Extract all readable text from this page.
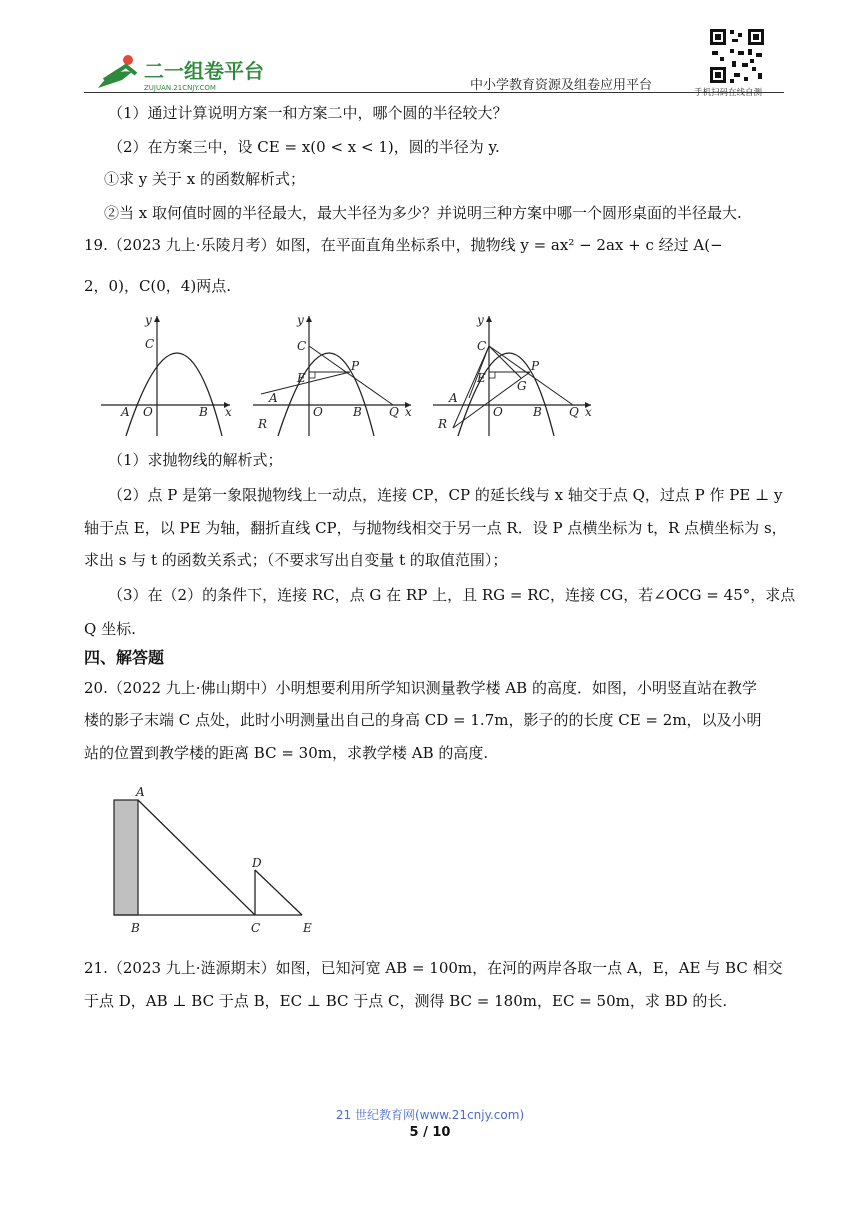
二一组卷平台
ZUJUAN.21CNJY.COM	中小学教育资源及组卷应用平台	手机扫码在线自测
（1）通过计算说明方案一和方案二中，哪个圆的半径较大？
（2）在方案三中，设 CE = x(0 < x < 1)，圆的半径为 y.
①求 y 关于 x 的函数解析式；
②当 x 取何值时圆的半径最大，最大半径为多少？并说明三种方案中哪一个圆形桌面的半径最大.
19.（2023 九上·乐陵月考）如图，在平面直角坐标系中，抛物线 y = ax² − 2ax + c 经过 A(−
2，0)，C(0，4)两点.
y
x
C
A O	B
y
x
C
E
P
Q
A
R
O	B
y
x
C
E
P
G
Q
A
R
O	B
（1）求抛物线的解析式；
（2）点 P 是第一象限抛物线上一动点，连接 CP，CP 的延长线与 x 轴交于点 Q，过点 P 作 PE ⊥ y
轴于点 E，以 PE 为轴，翻折直线 CP，与抛物线相交于另一点 R．设 P 点横坐标为 t，R 点横坐标为 s，
求出 s 与 t 的函数关系式；（不要求写出自变量 t 的取值范围）；
（3）在（2）的条件下，连接 RC，点 G 在 RP 上，且 RG = RC，连接 CG，若∠OCG = 45°，求点
Q 坐标.
四、解答题
20.（2022 九上·佛山期中）小明想要利用所学知识测量教学楼 AB 的高度．如图，小明竖直站在教学
楼的影子末端 C 点处，此时小明测量出自己的身高 CD = 1.7m，影子的的长度 CE = 2m，以及小明
站的位置到教学楼的距离 BC = 30m，求教学楼 AB 的高度.
A
B	C
D
E
21.（2023 九上·涟源期末）如图，已知河宽 AB = 100m，在河的两岸各取一点 A，E，AE 与 BC 相交
于点 D，AB ⊥ BC 于点 B，EC ⊥ BC 于点 C，测得 BC = 180m，EC = 50m，求 BD 的长.
21 世纪教育网(www.21cnjy.com)
5 / 10
